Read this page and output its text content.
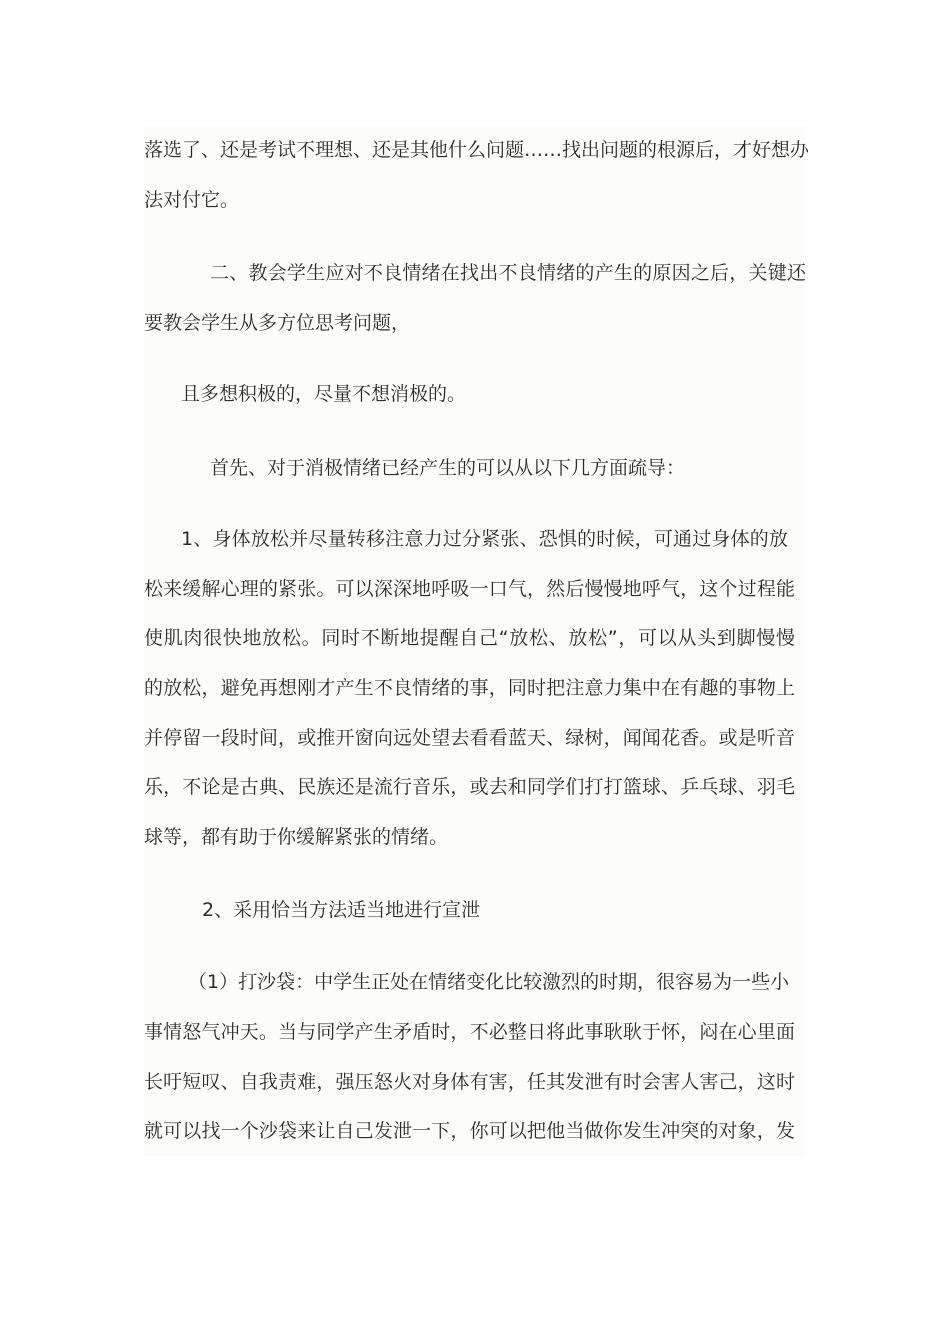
落选了、还是考试不理想、还是其他什么问题……找出问题的根源后，才好想办
法对付它。
二、教会学生应对不良情绪在找出不良情绪的产生的原因之后，关键还
要教会学生从多方位思考问题，
且多想积极的，尽量不想消极的。
首先、对于消极情绪已经产生的可以从以下几方面疏导：
1、身体放松并尽量转移注意力过分紧张、恐惧的时候，可通过身体的放
松来缓解心理的紧张。可以深深地呼吸一口气，然后慢慢地呼气，这个过程能
使肌肉很快地放松。同时不断地提醒自己“放松、放松”，可以从头到脚慢慢
的放松，避免再想刚才产生不良情绪的事，同时把注意力集中在有趣的事物上
并停留一段时间，或推开窗向远处望去看看蓝天、绿树，闻闻花香。或是听音
乐，不论是古典、民族还是流行音乐，或去和同学们打打篮球、乒乓球、羽毛
球等，都有助于你缓解紧张的情绪。
2、采用恰当方法适当地进行宣泄
（1）打沙袋：中学生正处在情绪变化比较激烈的时期，很容易为一些小
事情怒气冲天。当与同学产生矛盾时，不必整日将此事耿耿于怀，闷在心里面
长吁短叹、自我责难，强压怒火对身体有害，任其发泄有时会害人害己，这时
就可以找一个沙袋来让自己发泄一下，你可以把他当做你发生冲突的对象，发
